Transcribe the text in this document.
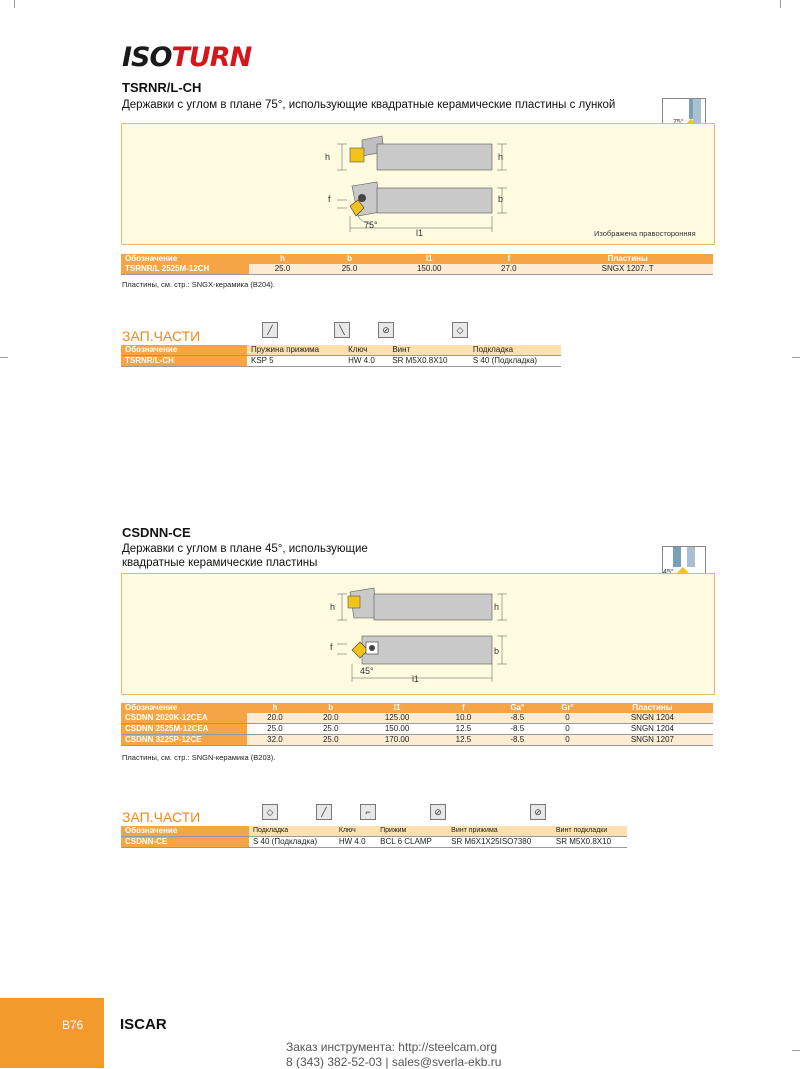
ISOTURN
TSRNR/L-CH
Державки с углом в плане 75°, использующие квадратные керамические пластины с лункой
h	h
f	b
75°
l1	Изображена правосторонняя
Обозначение	h	b	l1	f	Пластины
TSRNR/L 2525M-12CH	25.0	25.0	150.00	27.0	SNGX 1207..T
Пластины, см. стр.: SNGX-керамика (B204).
ЗАП.ЧАСТИ	╱	╲	⊘	◇
Обозначение	Пружина прижима	Ключ	Винт	Подкладка
TSRNR/L-CH	KSP 5	HW 4.0	SR M5X0.8X10	S 40 (Подкладка)
CSDNN-CE
Державки с углом в плане 45°, использующие
квадратные керамические пластины
h	h
f	b
45°
l1
Обозначение	h	b	l1	f	Ga°	Gr°	Пластины
CSDNN 2020K-12CEA	20.0	20.0	125.00	10.0	-8.5	0	SNGN 1204
CSDNN 2525M-12CEA	25.0	25.0	150.00	12.5	-8.5	0	SNGN 1204
CSDNN 3225P-12CE	32.0	25.0	170.00	12.5	-8.5	0	SNGN 1207
Пластины, см. стр.: SNGN-керамика (B203).
ЗАП.ЧАСТИ	◇	╱	⌐	⊘	⊘
Обозначение	Подкладка	Ключ	Прижим	Винт прижима	Винт подкладки
CSDNN-CE	S 40 (Подкладка)	HW 4.0	BCL 6 CLAMP	SR M6X1X25ISO7380	SR M5X0.8X10
B76 ISCAR
Заказ инструмента: http://steelcam.org
8 (343) 382-52-03 | sales@sverla-ekb.ru
